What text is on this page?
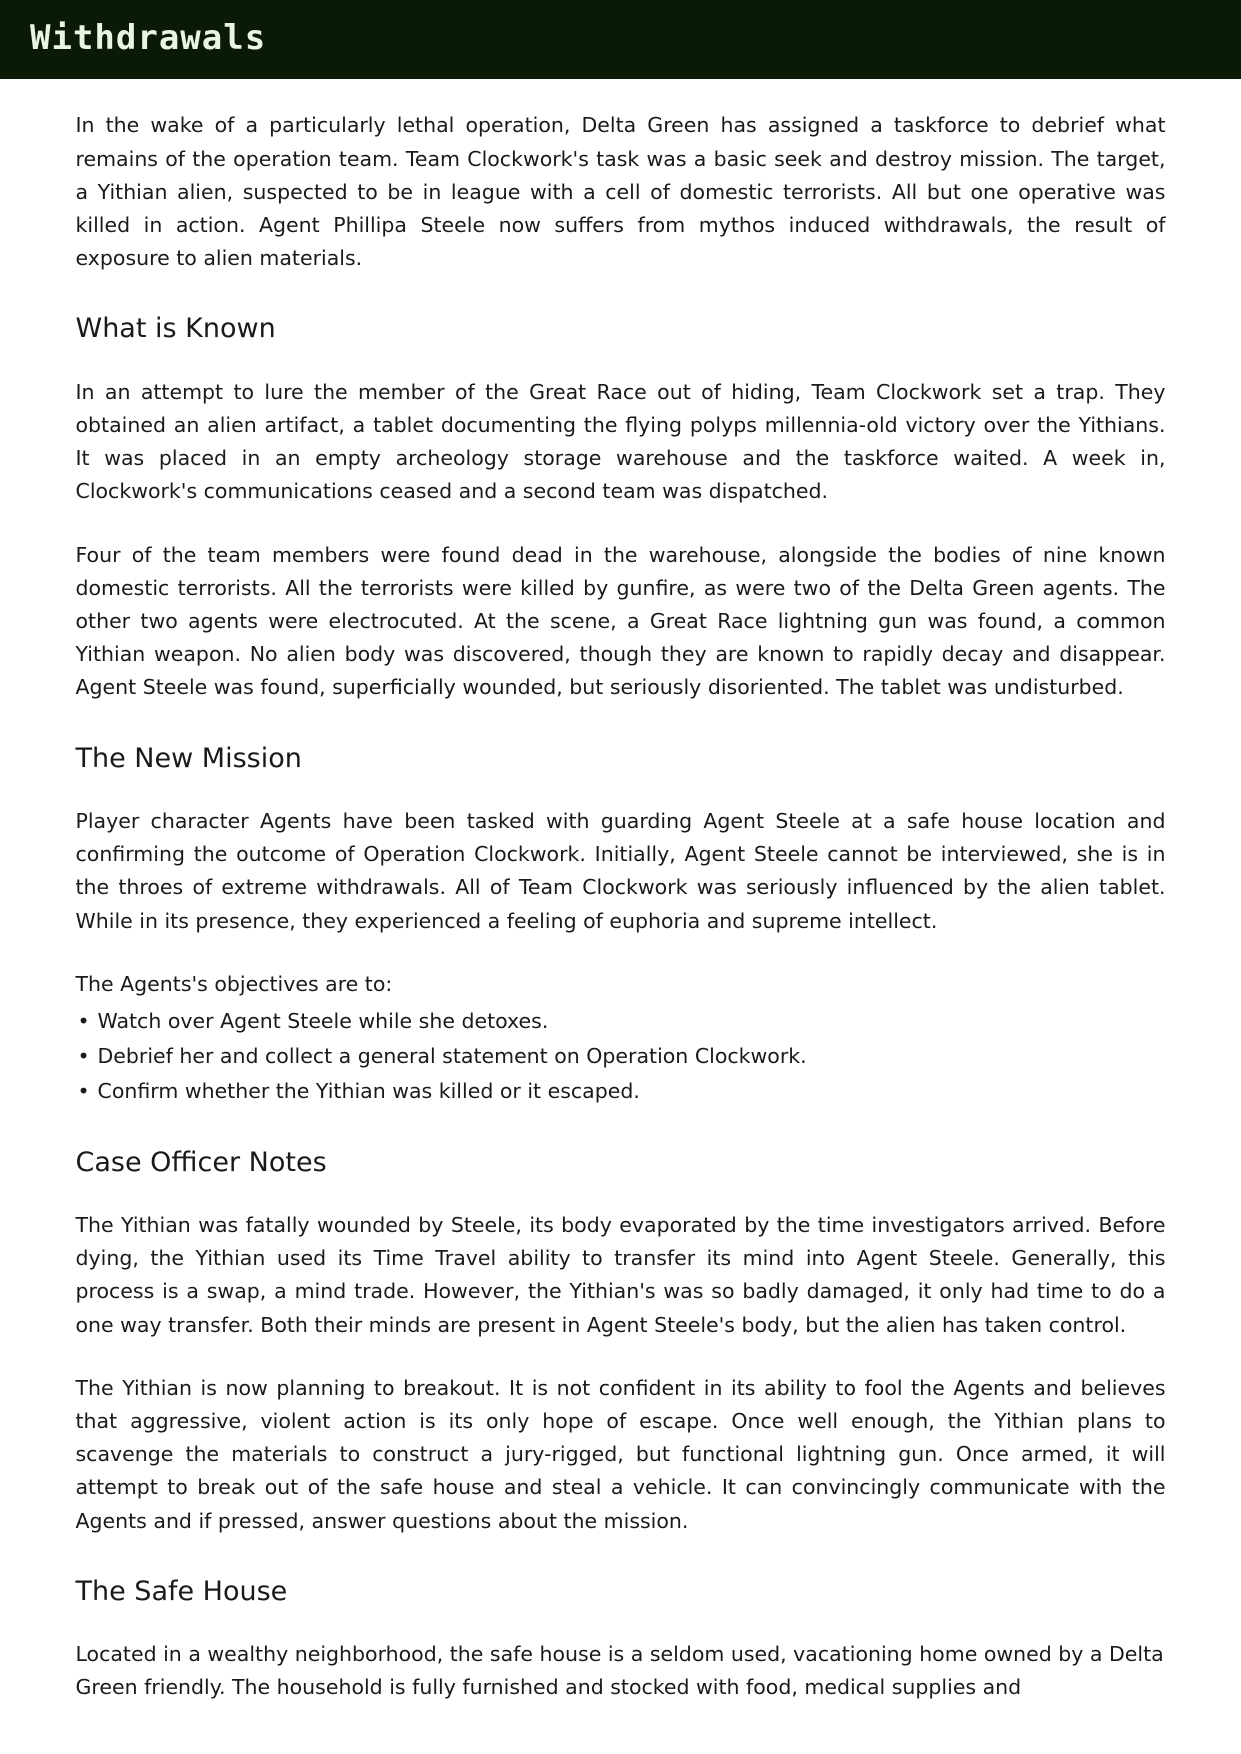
Withdrawals

In the wake of a particularly lethal operation, Delta Green has assigned a taskforce to debrief what remains of the operation team. Team Clockwork's task was a basic seek and destroy mission. The target, a Yithian alien, suspected to be in league with a cell of domestic terrorists. All but one operative was killed in action. Agent Phillipa Steele now suffers from mythos induced withdrawals, the result of exposure to alien materials.

What is Known

In an attempt to lure the member of the Great Race out of hiding, Team Clockwork set a trap. They obtained an alien artifact, a tablet documenting the flying polyps millennia-old victory over the Yithians. It was placed in an empty archeology storage warehouse and the taskforce waited. A week in, Clockwork's communications ceased and a second team was dispatched.

Four of the team members were found dead in the warehouse, alongside the bodies of nine known domestic terrorists. All the terrorists were killed by gunfire, as were two of the Delta Green agents. The other two agents were electrocuted. At the scene, a Great Race lightning gun was found, a common Yithian weapon. No alien body was discovered, though they are known to rapidly decay and disappear. Agent Steele was found, superficially wounded, but seriously disoriented. The tablet was undisturbed.

The New Mission

Player character Agents have been tasked with guarding Agent Steele at a safe house location and confirming the outcome of Operation Clockwork. Initially, Agent Steele cannot be interviewed, she is in the throes of extreme withdrawals. All of Team Clockwork was seriously influenced by the alien tablet. While in its presence, they experienced a feeling of euphoria and supreme intellect.

The Agents's objectives are to:

• Watch over Agent Steele while she detoxes.
• Debrief her and collect a general statement on Operation Clockwork.
• Confirm whether the Yithian was killed or it escaped.
Case Officer Notes

The Yithian was fatally wounded by Steele, its body evaporated by the time investigators arrived. Before dying, the Yithian used its Time Travel ability to transfer its mind into Agent Steele. Generally, this process is a swap, a mind trade. However, the Yithian's was so badly damaged, it only had time to do a one way transfer. Both their minds are present in Agent Steele's body, but the alien has taken control.

The Yithian is now planning to breakout. It is not confident in its ability to fool the Agents and believes that aggressive, violent action is its only hope of escape. Once well enough, the Yithian plans to scavenge the materials to construct a jury-rigged, but functional lightning gun. Once armed, it will attempt to break out of the safe house and steal a vehicle. It can convincingly communicate with the Agents and if pressed, answer questions about the mission.

The Safe House

Located in a wealthy neighborhood, the safe house is a seldom used, vacationing home owned by a Delta Green friendly. The household is fully furnished and stocked with food, medical supplies and
